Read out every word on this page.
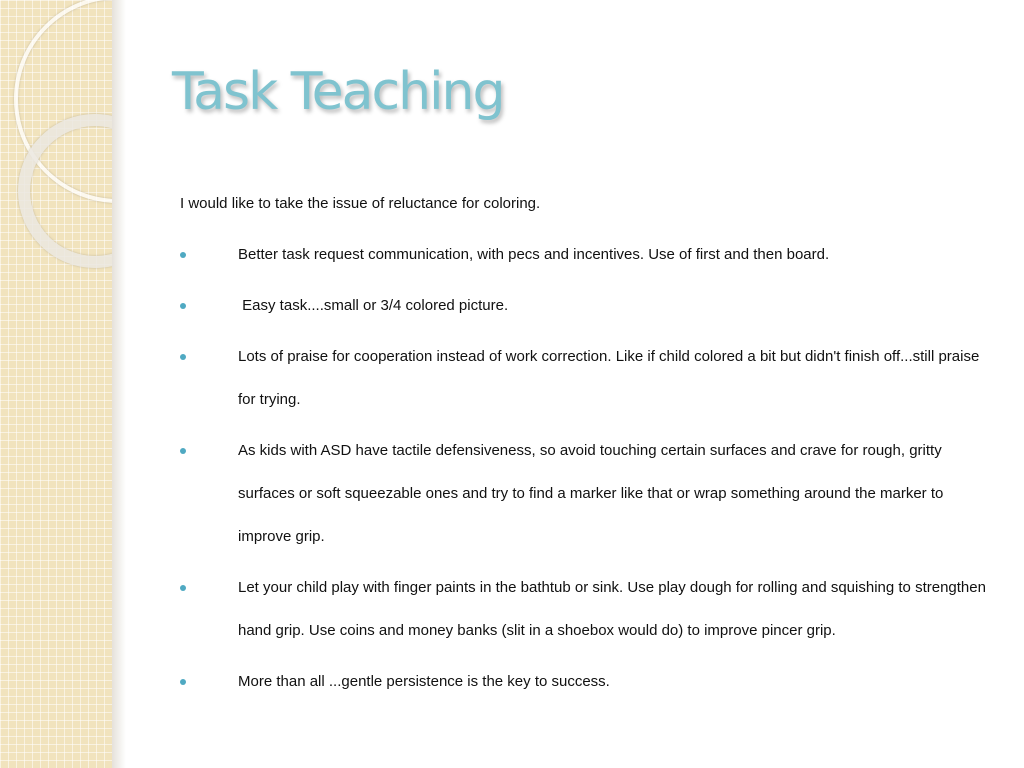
Task Teaching

I would like to take the issue of reluctance for coloring.

Better task request communication, with pecs and incentives. Use of first and then board.
Easy task....small or 3/4 colored picture.
Lots of praise for cooperation instead of work correction. Like if child colored a bit but didn't finish off...still praise for trying.
As kids with ASD have tactile defensiveness, so avoid touching certain surfaces and crave for rough, gritty surfaces or soft squeezable ones and try to find a marker like that or wrap something around the marker to improve grip.
Let your child play with finger paints in the bathtub or sink. Use play dough for rolling and squishing to strengthen hand grip. Use coins and money banks (slit in a shoebox would do) to improve pincer grip.
More than all ...gentle persistence is the key to success.
